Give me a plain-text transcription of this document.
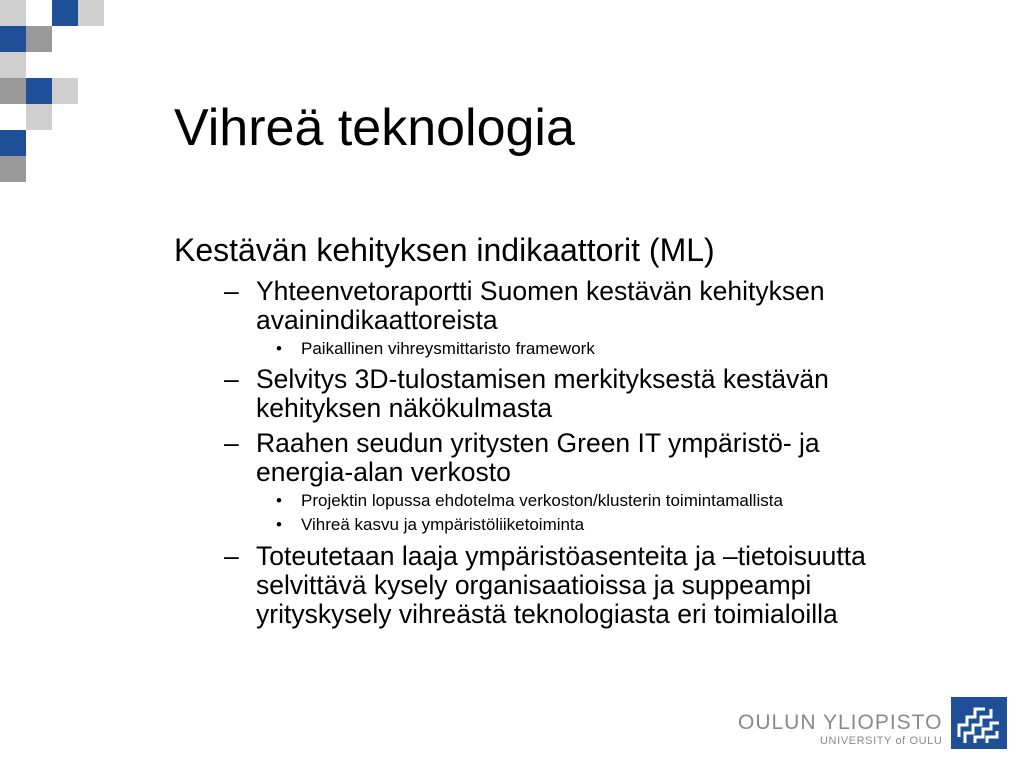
Vihreä teknologia
Kestävän kehityksen indikaattorit (ML)
– Yhteenvetoraportti Suomen kestävän kehityksen
avainindikaattoreista
• Paikallinen vihreysmittaristo framework
– Selvitys 3D-tulostamisen merkityksestä kestävän
kehityksen näkökulmasta
– Raahen seudun yritysten Green IT ympäristö- ja
energia-alan verkosto
• Projektin lopussa ehdotelma verkoston/klusterin toimintamallista
• Vihreä kasvu ja ympäristöliiketoiminta
– Toteutetaan laaja ympäristöasenteita ja –tietoisuutta
selvittävä kysely organisaatioissa ja suppeampi
yrityskysely vihreästä teknologiasta eri toimialoilla
OULUN YLIOPISTO
UNIVERSITY of OULU
